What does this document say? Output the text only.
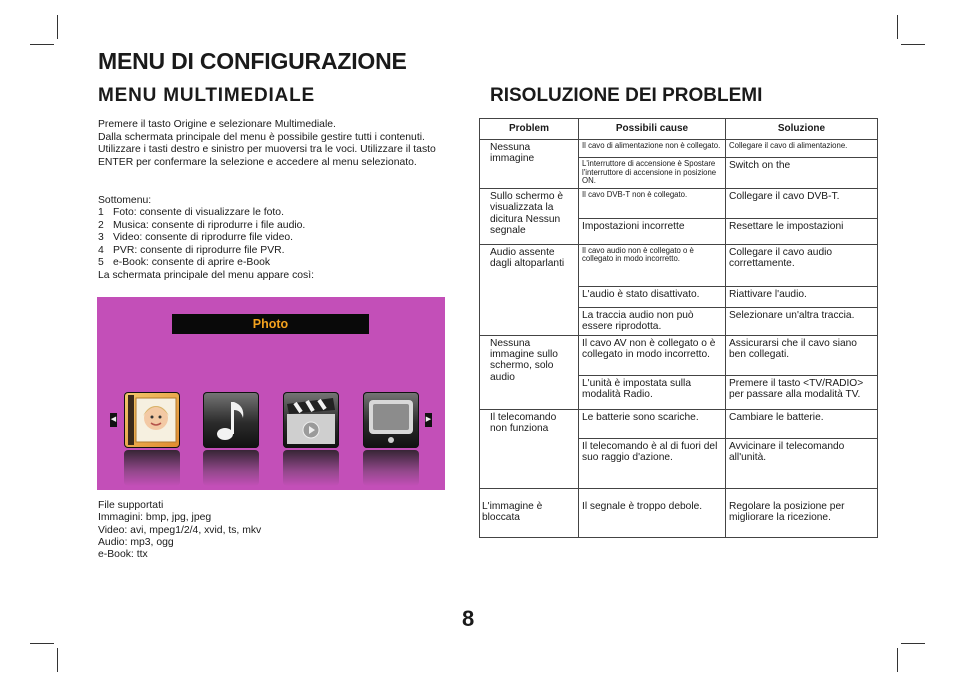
MENU DI CONFIGURAZIONE
MENU MULTIMEDIALE	RISOLUZIONE DEI PROBLEMI
Premere il tasto Origine e selezionare Multimediale.
Dalla schermata principale del menu è possibile gestire tutti i contenuti. Utilizzare i tasti destro e sinistro per muoversi tra le voci. Utilizzare il tasto ENTER per confermare la selezione e accedere al menu selezionato.

Sottomenu:

1 Foto: consente di visualizzare le foto.
2 Musica: consente di riprodurre i file audio.
3 Video: consente di riprodurre file video.
4 PVR: consente di riprodurre file PVR.
5 e-Book: consente di aprire e-Book

La schermata principale del menu appare così:

Photo
◀	▶
File supportati
Immagini: bmp, jpg, jpeg
Video: avi, mpeg1/2/4, xvid, ts, mkv
Audio: mp3, ogg
e-Book: ttx
Problem	Possibili cause	Soluzione
Nessuna immagine	Il cavo di alimentazione non è collegato.	Collegare il cavo di alimentazione.
	L'interruttore di accensione è Spostare l'interruttore di accensione in posizione ON.	Switch on the
Sullo schermo è visualizzata la dicitura Nessun segnale	Il cavo DVB-T non è collegato.	Collegare il cavo DVB-T.
	Impostazioni incorrette	Resettare le impostazioni
Audio assente dagli altoparlanti	Il cavo audio non è collegato o è collegato in modo incorretto.	Collegare il cavo audio correttamente.
	L'audio è stato disattivato.	Riattivare l'audio.
	La traccia audio non può essere riprodotta.	Selezionare un'altra traccia.
Nessuna immagine sullo schermo, solo audio	Il cavo AV non è collegato o è collegato in modo incorretto.	Assicurarsi che il cavo siano ben collegati.
	L'unità è impostata sulla modalità Radio.	Premere il tasto <TV/RADIO> per passare alla modalità TV.
Il telecomando non funziona	Le batterie sono scariche.	Cambiare le batterie.
	Il telecomando è al di fuori del suo raggio d'azione.	Avvicinare il telecomando all'unità.
L'immagine è bloccata	Il segnale è troppo debole.	Regolare la posizione per migliorare la ricezione.

8
